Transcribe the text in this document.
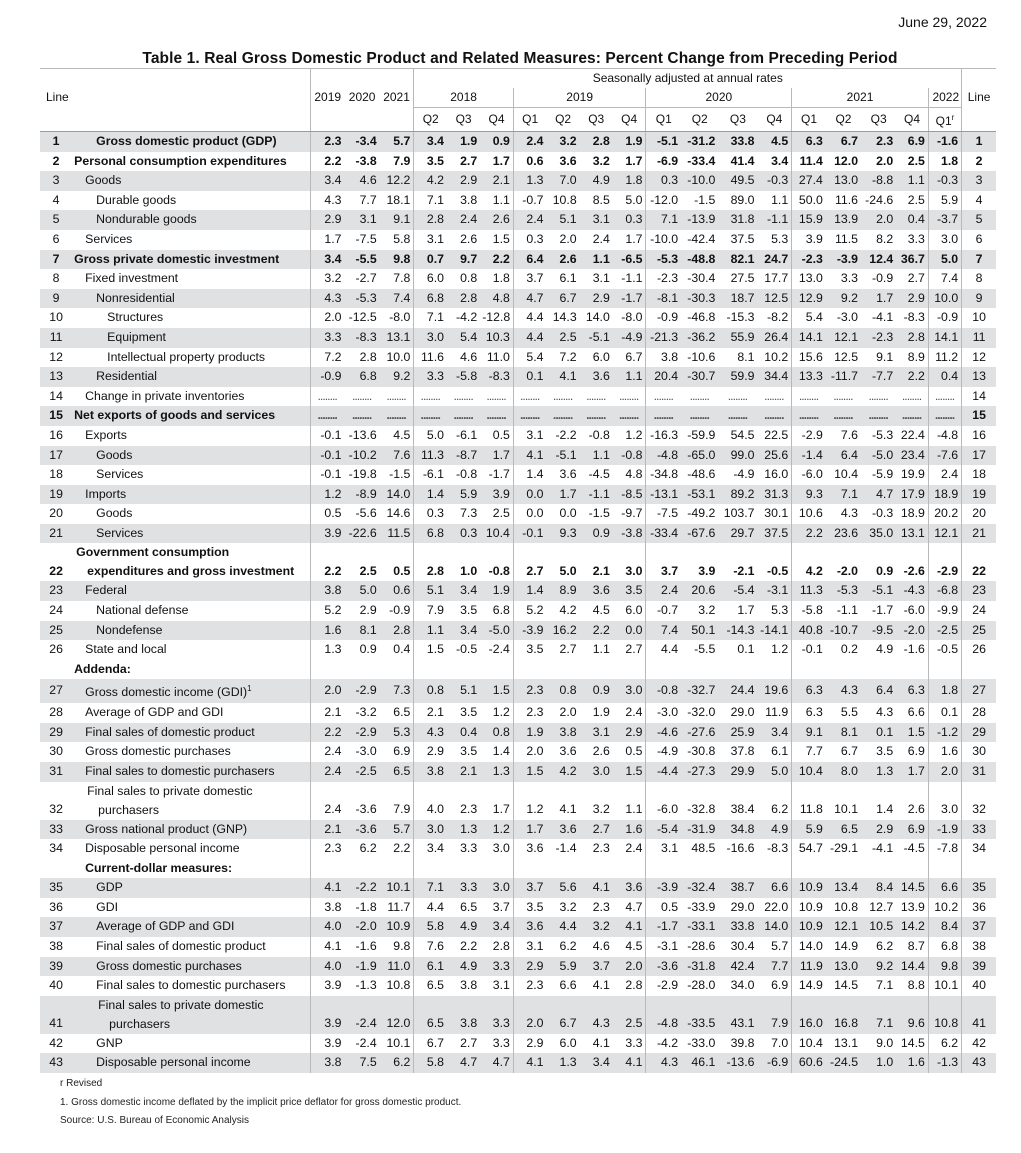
June 29, 2022
Table 1. Real Gross Domestic Product and Related Measures: Percent Change from Preceding Period
					Seasonally adjusted at annual rates																
Line		2019	2020	2021	2018			2019				2020				2021				2022	Line
					Q2	Q3	Q4	Q1	Q2	Q3	Q4	Q1	Q2	Q3	Q4	Q1	Q2	Q3	Q4	Q1$^r$	
1	Gross domestic product (GDP)	2.3	-3.4	5.7	3.4	1.9	0.9	2.4	3.2	2.8	1.9	-5.1	-31.2	33.8	4.5	6.3	6.7	2.3	6.9	-1.6	1
2	Personal consumption expenditures	2.2	-3.8	7.9	3.5	2.7	1.7	0.6	3.6	3.2	1.7	-6.9	-33.4	41.4	3.4	11.4	12.0	2.0	2.5	1.8	2
3	Goods	3.4	4.6	12.2	4.2	2.9	2.1	1.3	7.0	4.9	1.8	0.3	-10.0	49.5	-0.3	27.4	13.0	-8.8	1.1	-0.3	3
4	Durable goods	4.3	7.7	18.1	7.1	3.8	1.1	-0.7	10.8	8.5	5.0	-12.0	-1.5	89.0	1.1	50.0	11.6	-24.6	2.5	5.9	4
5	Nondurable goods	2.9	3.1	9.1	2.8	2.4	2.6	2.4	5.1	3.1	0.3	7.1	-13.9	31.8	-1.1	15.9	13.9	2.0	0.4	-3.7	5
6	Services	1.7	-7.5	5.8	3.1	2.6	1.5	0.3	2.0	2.4	1.7	-10.0	-42.4	37.5	5.3	3.9	11.5	8.2	3.3	3.0	6
7	Gross private domestic investment	3.4	-5.5	9.8	0.7	9.7	2.2	6.4	2.6	1.1	-6.5	-5.3	-48.8	82.1	24.7	-2.3	-3.9	12.4	36.7	5.0	7
8	Fixed investment	3.2	-2.7	7.8	6.0	0.8	1.8	3.7	6.1	3.1	-1.1	-2.3	-30.4	27.5	17.7	13.0	3.3	-0.9	2.7	7.4	8
9	Nonresidential	4.3	-5.3	7.4	6.8	2.8	4.8	4.7	6.7	2.9	-1.7	-8.1	-30.3	18.7	12.5	12.9	9.2	1.7	2.9	10.0	9
10	Structures	2.0	-12.5	-8.0	7.1	-4.2	-12.8	4.4	14.3	14.0	-8.0	-0.9	-46.8	-15.3	-8.2	5.4	-3.0	-4.1	-8.3	-0.9	10
11	Equipment	3.3	-8.3	13.1	3.0	5.4	10.3	4.4	2.5	-5.1	-4.9	-21.3	-36.2	55.9	26.4	14.1	12.1	-2.3	2.8	14.1	11
12	Intellectual property products	7.2	2.8	10.0	11.6	4.6	11.0	5.4	7.2	6.0	6.7	3.8	-10.6	8.1	10.2	15.6	12.5	9.1	8.9	11.2	12
13	Residential	-0.9	6.8	9.2	3.3	-5.8	-8.3	0.1	4.1	3.6	1.1	20.4	-30.7	59.9	34.4	13.3	-11.7	-7.7	2.2	0.4	13
14	Change in private inventories	........	........	........	........	........	........	........	........	........	........	........	........	........	........	........	........	........	........	........	14
15	Net exports of goods and services	........	........	........	........	........	........	........	........	........	........	........	........	........	........	........	........	........	........	........	15
16	Exports	-0.1	-13.6	4.5	5.0	-6.1	0.5	3.1	-2.2	-0.8	1.2	-16.3	-59.9	54.5	22.5	-2.9	7.6	-5.3	22.4	-4.8	16
17	Goods	-0.1	-10.2	7.6	11.3	-8.7	1.7	4.1	-5.1	1.1	-0.8	-4.8	-65.0	99.0	25.6	-1.4	6.4	-5.0	23.4	-7.6	17
18	Services	-0.1	-19.8	-1.5	-6.1	-0.8	-1.7	1.4	3.6	-4.5	4.8	-34.8	-48.6	-4.9	16.0	-6.0	10.4	-5.9	19.9	2.4	18
19	Imports	1.2	-8.9	14.0	1.4	5.9	3.9	0.0	1.7	-1.1	-8.5	-13.1	-53.1	89.2	31.3	9.3	7.1	4.7	17.9	18.9	19
20	Goods	0.5	-5.6	14.6	0.3	7.3	2.5	0.0	0.0	-1.5	-9.7	-7.5	-49.2	103.7	30.1	10.6	4.3	-0.3	18.9	20.2	20
21	Services	3.9	-22.6	11.5	6.8	0.3	10.4	-0.1	9.3	0.9	-3.8	-33.4	-67.6	29.7	37.5	2.2	23.6	35.0	13.1	12.1	21
22	Government consumption
expenditures and gross investment	2.2	2.5	0.5	2.8	1.0	-0.8	2.7	5.0	2.1	3.0	3.7	3.9	-2.1	-0.5	4.2	-2.0	0.9	-2.6	-2.9	22
23	Federal	3.8	5.0	0.6	5.1	3.4	1.9	1.4	8.9	3.6	3.5	2.4	20.6	-5.4	-3.1	11.3	-5.3	-5.1	-4.3	-6.8	23
24	National defense	5.2	2.9	-0.9	7.9	3.5	6.8	5.2	4.2	4.5	6.0	-0.7	3.2	1.7	5.3	-5.8	-1.1	-1.7	-6.0	-9.9	24
25	Nondefense	1.6	8.1	2.8	1.1	3.4	-5.0	-3.9	16.2	2.2	0.0	7.4	50.1	-14.3	-14.1	40.8	-10.7	-9.5	-2.0	-2.5	25
26	State and local	1.3	0.9	0.4	1.5	-0.5	-2.4	3.5	2.7	1.1	2.7	4.4	-5.5	0.1	1.2	-0.1	0.2	4.9	-1.6	-0.5	26
	Addenda:																				
27	Gross domestic income (GDI)$^1$	2.0	-2.9	7.3	0.8	5.1	1.5	2.3	0.8	0.9	3.0	-0.8	-32.7	24.4	19.6	6.3	4.3	6.4	6.3	1.8	27
28	Average of GDP and GDI	2.1	-3.2	6.5	2.1	3.5	1.2	2.3	2.0	1.9	2.4	-3.0	-32.0	29.0	11.9	6.3	5.5	4.3	6.6	0.1	28
29	Final sales of domestic product	2.2	-2.9	5.3	4.3	0.4	0.8	1.9	3.8	3.1	2.9	-4.6	-27.6	25.9	3.4	9.1	8.1	0.1	1.5	-1.2	29
30	Gross domestic purchases	2.4	-3.0	6.9	2.9	3.5	1.4	2.0	3.6	2.6	0.5	-4.9	-30.8	37.8	6.1	7.7	6.7	3.5	6.9	1.6	30
31	Final sales to domestic purchasers	2.4	-2.5	6.5	3.8	2.1	1.3	1.5	4.2	3.0	1.5	-4.4	-27.3	29.9	5.0	10.4	8.0	1.3	1.7	2.0	31
32	Final sales to private domestic
purchasers	2.4	-3.6	7.9	4.0	2.3	1.7	1.2	4.1	3.2	1.1	-6.0	-32.8	38.4	6.2	11.8	10.1	1.4	2.6	3.0	32
33	Gross national product (GNP)	2.1	-3.6	5.7	3.0	1.3	1.2	1.7	3.6	2.7	1.6	-5.4	-31.9	34.8	4.9	5.9	6.5	2.9	6.9	-1.9	33
34	Disposable personal income	2.3	6.2	2.2	3.4	3.3	3.0	3.6	-1.4	2.3	2.4	3.1	48.5	-16.6	-8.3	54.7	-29.1	-4.1	-4.5	-7.8	34
	Current-dollar measures:																				
35	GDP	4.1	-2.2	10.1	7.1	3.3	3.0	3.7	5.6	4.1	3.6	-3.9	-32.4	38.7	6.6	10.9	13.4	8.4	14.5	6.6	35
36	GDI	3.8	-1.8	11.7	4.4	6.5	3.7	3.5	3.2	2.3	4.7	0.5	-33.9	29.0	22.0	10.9	10.8	12.7	13.9	10.2	36
37	Average of GDP and GDI	4.0	-2.0	10.9	5.8	4.9	3.4	3.6	4.4	3.2	4.1	-1.7	-33.1	33.8	14.0	10.9	12.1	10.5	14.2	8.4	37
38	Final sales of domestic product	4.1	-1.6	9.8	7.6	2.2	2.8	3.1	6.2	4.6	4.5	-3.1	-28.6	30.4	5.7	14.0	14.9	6.2	8.7	6.8	38
39	Gross domestic purchases	4.0	-1.9	11.0	6.1	4.9	3.3	2.9	5.9	3.7	2.0	-3.6	-31.8	42.4	7.7	11.9	13.0	9.2	14.4	9.8	39
40	Final sales to domestic purchasers	3.9	-1.3	10.8	6.5	3.8	3.1	2.3	6.6	4.1	2.8	-2.9	-28.0	34.0	6.9	14.9	14.5	7.1	8.8	10.1	40
41	Final sales to private domestic
purchasers	3.9	-2.4	12.0	6.5	3.8	3.3	2.0	6.7	4.3	2.5	-4.8	-33.5	43.1	7.9	16.0	16.8	7.1	9.6	10.8	41
42	GNP	3.9	-2.4	10.1	6.7	2.7	3.3	2.9	6.0	4.1	3.3	-4.2	-33.0	39.8	7.0	10.4	13.1	9.0	14.5	6.2	42
43	Disposable personal income	3.8	7.5	6.2	5.8	4.7	4.7	4.1	1.3	3.4	4.1	4.3	46.1	-13.6	-6.9	60.6	-24.5	1.0	1.6	-1.3	43
r Revised
1. Gross domestic income deflated by the implicit price deflator for gross domestic product.
Source: U.S. Bureau of Economic Analysis
